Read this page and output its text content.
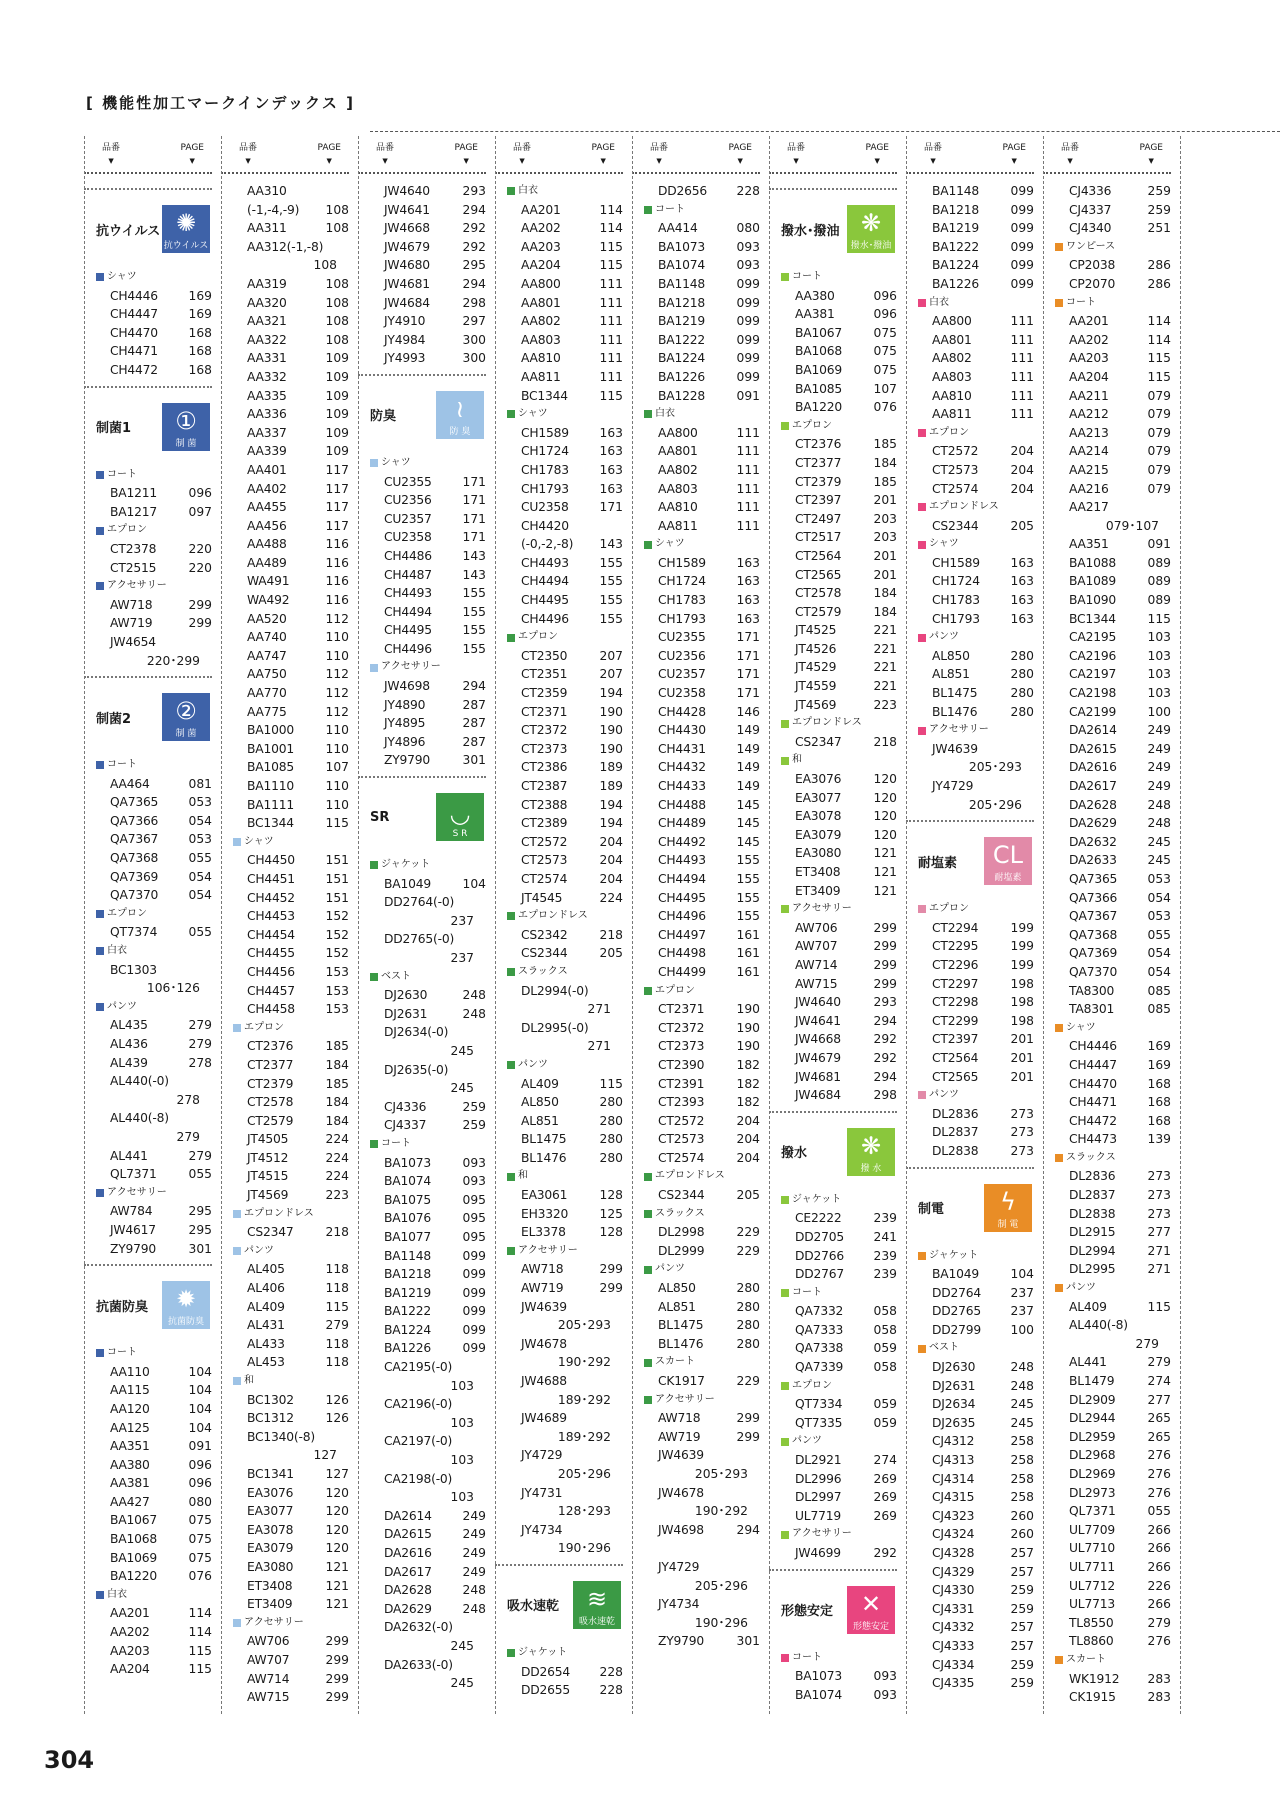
[ 機能性加工マークインデックス ]
品番 ▼	PAGE ▼
抗ウイルス ✺
抗ウイルス
シャツ
CH4446	169
CH4447	169
CH4470	168
CH4471	168
CH4472	168
制菌1 ①
制 菌
コート
BA1211	096
BA1217	097
エプロン
CT2378	220
CT2515	220
アクセサリー
AW718	299
AW719	299
JW4654
220･299
制菌2 ②
制 菌
コート
AA464	081
QA7365	053
QA7366	054
QA7367	053
QA7368	055
QA7369	054
QA7370	054
エプロン
QT7374	055
白衣
BC1303
106･126
パンツ
AL435	279
AL436	279
AL439	278
AL440(-0)
278
AL440(-8)
279
AL441	279
QL7371	055
アクセサリー
AW784	295
JW4617	295
ZY9790	301
抗菌防臭 ✹
抗菌防臭
コート
AA110	104
AA115	104
AA120	104
AA125	104
AA351	091
AA380	096
AA381	096
AA427	080
BA1067	075
BA1068	075
BA1069	075
BA1220	076
白衣
AA201	114
AA202	114
AA203	115
AA204	115
品番 ▼	PAGE ▼
AA310
(-1,-4,-9)	108
AA311	108
AA312(-1,-8)
108
AA319	108
AA320	108
AA321	108
AA322	108
AA331	109
AA332	109
AA335	109
AA336	109
AA337	109
AA339	109
AA401	117
AA402	117
AA455	117
AA456	117
AA488	116
AA489	116
WA491	116
WA492	116
AA520	112
AA740	110
AA747	110
AA750	112
AA770	112
AA775	112
BA1000	110
BA1001	110
BA1085	107
BA1110	110
BA1111	110
BC1344	115
シャツ
CH4450	151
CH4451	151
CH4452	151
CH4453	152
CH4454	152
CH4455	152
CH4456	153
CH4457	153
CH4458	153
エプロン
CT2376	185
CT2377	184
CT2379	185
CT2578	184
CT2579	184
JT4505	224
JT4512	224
JT4515	224
JT4569	223
エプロンドレス
CS2347	218
パンツ
AL405	118
AL406	118
AL409	115
AL431	279
AL433	118
AL453	118
和
BC1302	126
BC1312	126
BC1340(-8)
127
BC1341	127
EA3076	120
EA3077	120
EA3078	120
EA3079	120
EA3080	121
ET3408	121
ET3409	121
アクセサリー
AW706	299
AW707	299
AW714	299
AW715	299
品番 ▼	PAGE ▼
JW4640	293
JW4641	294
JW4668	292
JW4679	292
JW4680	295
JW4681	294
JW4684	298
JY4910	297
JY4984	300
JY4993	300
防臭 ≀
防 臭
シャツ
CU2355	171
CU2356	171
CU2357	171
CU2358	171
CH4486	143
CH4487	143
CH4493	155
CH4494	155
CH4495	155
CH4496	155
アクセサリー
JW4698	294
JY4890	287
JY4895	287
JY4896	287
ZY9790	301
SR	◡
S R
ジャケット
BA1049	104
DD2764(-0)
237
DD2765(-0)
237
ベスト
DJ2630	248
DJ2631	248
DJ2634(-0)
245
DJ2635(-0)
245
CJ4336	259
CJ4337	259
コート
BA1073	093
BA1074	093
BA1075	095
BA1076	095
BA1077	095
BA1148	099
BA1218	099
BA1219	099
BA1222	099
BA1224	099
BA1226	099
CA2195(-0)
103
CA2196(-0)
103
CA2197(-0)
103
CA2198(-0)
103
DA2614	249
DA2615	249
DA2616	249
DA2617	249
DA2628	248
DA2629	248
DA2632(-0)
245
DA2633(-0)
245
品番 ▼	PAGE ▼
白衣
AA201	114
AA202	114
AA203	115
AA204	115
AA800	111
AA801	111
AA802	111
AA803	111
AA810	111
AA811	111
BC1344	115
シャツ
CH1589	163
CH1724	163
CH1783	163
CH1793	163
CU2358	171
CH4420
(-0,-2,-8)	143
CH4493	155
CH4494	155
CH4495	155
CH4496	155
エプロン
CT2350	207
CT2351	207
CT2359	194
CT2371	190
CT2372	190
CT2373	190
CT2386	189
CT2387	189
CT2388	194
CT2389	194
CT2572	204
CT2573	204
CT2574	204
JT4545	224
エプロンドレス
CS2342	218
CS2344	205
スラックス
DL2994(-0)
271
DL2995(-0)
271
パンツ
AL409	115
AL850	280
AL851	280
BL1475	280
BL1476	280
和
EA3061	128
EH3320	125
EL3378	128
アクセサリー
AW718	299
AW719	299
JW4639
205･293
JW4678
190･292
JW4688
189･292
JW4689
189･292
JY4729
205･296
JY4731
128･293
JY4734
190･296
吸水速乾 ≋
吸水速乾
ジャケット
DD2654	228
DD2655	228
品番 ▼	PAGE ▼
DD2656	228
コート
AA414	080
BA1073	093
BA1074	093
BA1148	099
BA1218	099
BA1219	099
BA1222	099
BA1224	099
BA1226	099
BA1228	091
白衣
AA800	111
AA801	111
AA802	111
AA803	111
AA810	111
AA811	111
シャツ
CH1589	163
CH1724	163
CH1783	163
CH1793	163
CU2355	171
CU2356	171
CU2357	171
CU2358	171
CH4428	146
CH4430	149
CH4431	149
CH4432	149
CH4433	149
CH4488	145
CH4489	145
CH4492	145
CH4493	155
CH4494	155
CH4495	155
CH4496	155
CH4497	161
CH4498	161
CH4499	161
エプロン
CT2371	190
CT2372	190
CT2373	190
CT2390	182
CT2391	182
CT2393	182
CT2572	204
CT2573	204
CT2574	204
エプロンドレス
CS2344	205
スラックス
DL2998	229
DL2999	229
パンツ
AL850	280
AL851	280
BL1475	280
BL1476	280
スカート
CK1917	229
アクセサリー
AW718	299
AW719	299
JW4639
205･293
JW4678
190･292
JW4698	294
JY4729
205･296
JY4734
190･296
ZY9790	301
品番 ▼	PAGE ▼
撥水･撥油 ❋
撥水･撥油
コート
AA380	096
AA381	096
BA1067	075
BA1068	075
BA1069	075
BA1085	107
BA1220	076
エプロン
CT2376	185
CT2377	184
CT2379	185
CT2397	201
CT2497	203
CT2517	203
CT2564	201
CT2565	201
CT2578	184
CT2579	184
JT4525	221
JT4526	221
JT4529	221
JT4559	221
JT4569	223
エプロンドレス
CS2347	218
和
EA3076	120
EA3077	120
EA3078	120
EA3079	120
EA3080	121
ET3408	121
ET3409	121
アクセサリー
AW706	299
AW707	299
AW714	299
AW715	299
JW4640	293
JW4641	294
JW4668	292
JW4679	292
JW4681	294
JW4684	298
撥水 ❋
撥 水
ジャケット
CE2222	239
DD2705	241
DD2766	239
DD2767	239
コート
QA7332	058
QA7333	058
QA7338	059
QA7339	058
エプロン
QT7334	059
QT7335	059
パンツ
DL2921	274
DL2996	269
DL2997	269
UL7719	269
アクセサリー
JW4699	292
形態安定 ✕
形態安定
コート
BA1073	093
BA1074	093
品番 ▼	PAGE ▼
BA1148	099
BA1218	099
BA1219	099
BA1222	099
BA1224	099
BA1226	099
白衣
AA800	111
AA801	111
AA802	111
AA803	111
AA810	111
AA811	111
エプロン
CT2572	204
CT2573	204
CT2574	204
エプロンドレス
CS2344	205
シャツ
CH1589	163
CH1724	163
CH1783	163
CH1793	163
パンツ
AL850	280
AL851	280
BL1475	280
BL1476	280
アクセサリー
JW4639
205･293
JY4729
205･296
耐塩素 CL
耐塩素
エプロン
CT2294	199
CT2295	199
CT2296	199
CT2297	198
CT2298	198
CT2299	198
CT2397	201
CT2564	201
CT2565	201
パンツ
DL2836	273
DL2837	273
DL2838	273
制電 ϟ
制 電
ジャケット
BA1049	104
DD2764	237
DD2765	237
DD2799	100
ベスト
DJ2630	248
DJ2631	248
DJ2634	245
DJ2635	245
CJ4312	258
CJ4313	258
CJ4314	258
CJ4315	258
CJ4323	260
CJ4324	260
CJ4328	257
CJ4329	257
CJ4330	259
CJ4331	259
CJ4332	257
CJ4333	257
CJ4334	259
CJ4335	259
品番 ▼	PAGE ▼
CJ4336	259
CJ4337	259
CJ4340	251
ワンピース
CP2038	286
CP2070	286
コート
AA201	114
AA202	114
AA203	115
AA204	115
AA211	079
AA212	079
AA213	079
AA214	079
AA215	079
AA216	079
AA217
079･107
AA351	091
BA1088	089
BA1089	089
BA1090	089
BC1344	115
CA2195	103
CA2196	103
CA2197	103
CA2198	103
CA2199	100
DA2614	249
DA2615	249
DA2616	249
DA2617	249
DA2628	248
DA2629	248
DA2632	245
DA2633	245
QA7365	053
QA7366	054
QA7367	053
QA7368	055
QA7369	054
QA7370	054
TA8300	085
TA8301	085
シャツ
CH4446	169
CH4447	169
CH4470	168
CH4471	168
CH4472	168
CH4473	139
スラックス
DL2836	273
DL2837	273
DL2838	273
DL2915	277
DL2994	271
DL2995	271
パンツ
AL409	115
AL440(-8)
279
AL441	279
BL1479	274
DL2909	277
DL2944	265
DL2959	265
DL2968	276
DL2969	276
DL2973	276
QL7371	055
UL7709	266
UL7710	266
UL7711	266
UL7712	226
UL7713	266
TL8550	279
TL8860	276
スカート
WK1912	283
CK1915	283
304
